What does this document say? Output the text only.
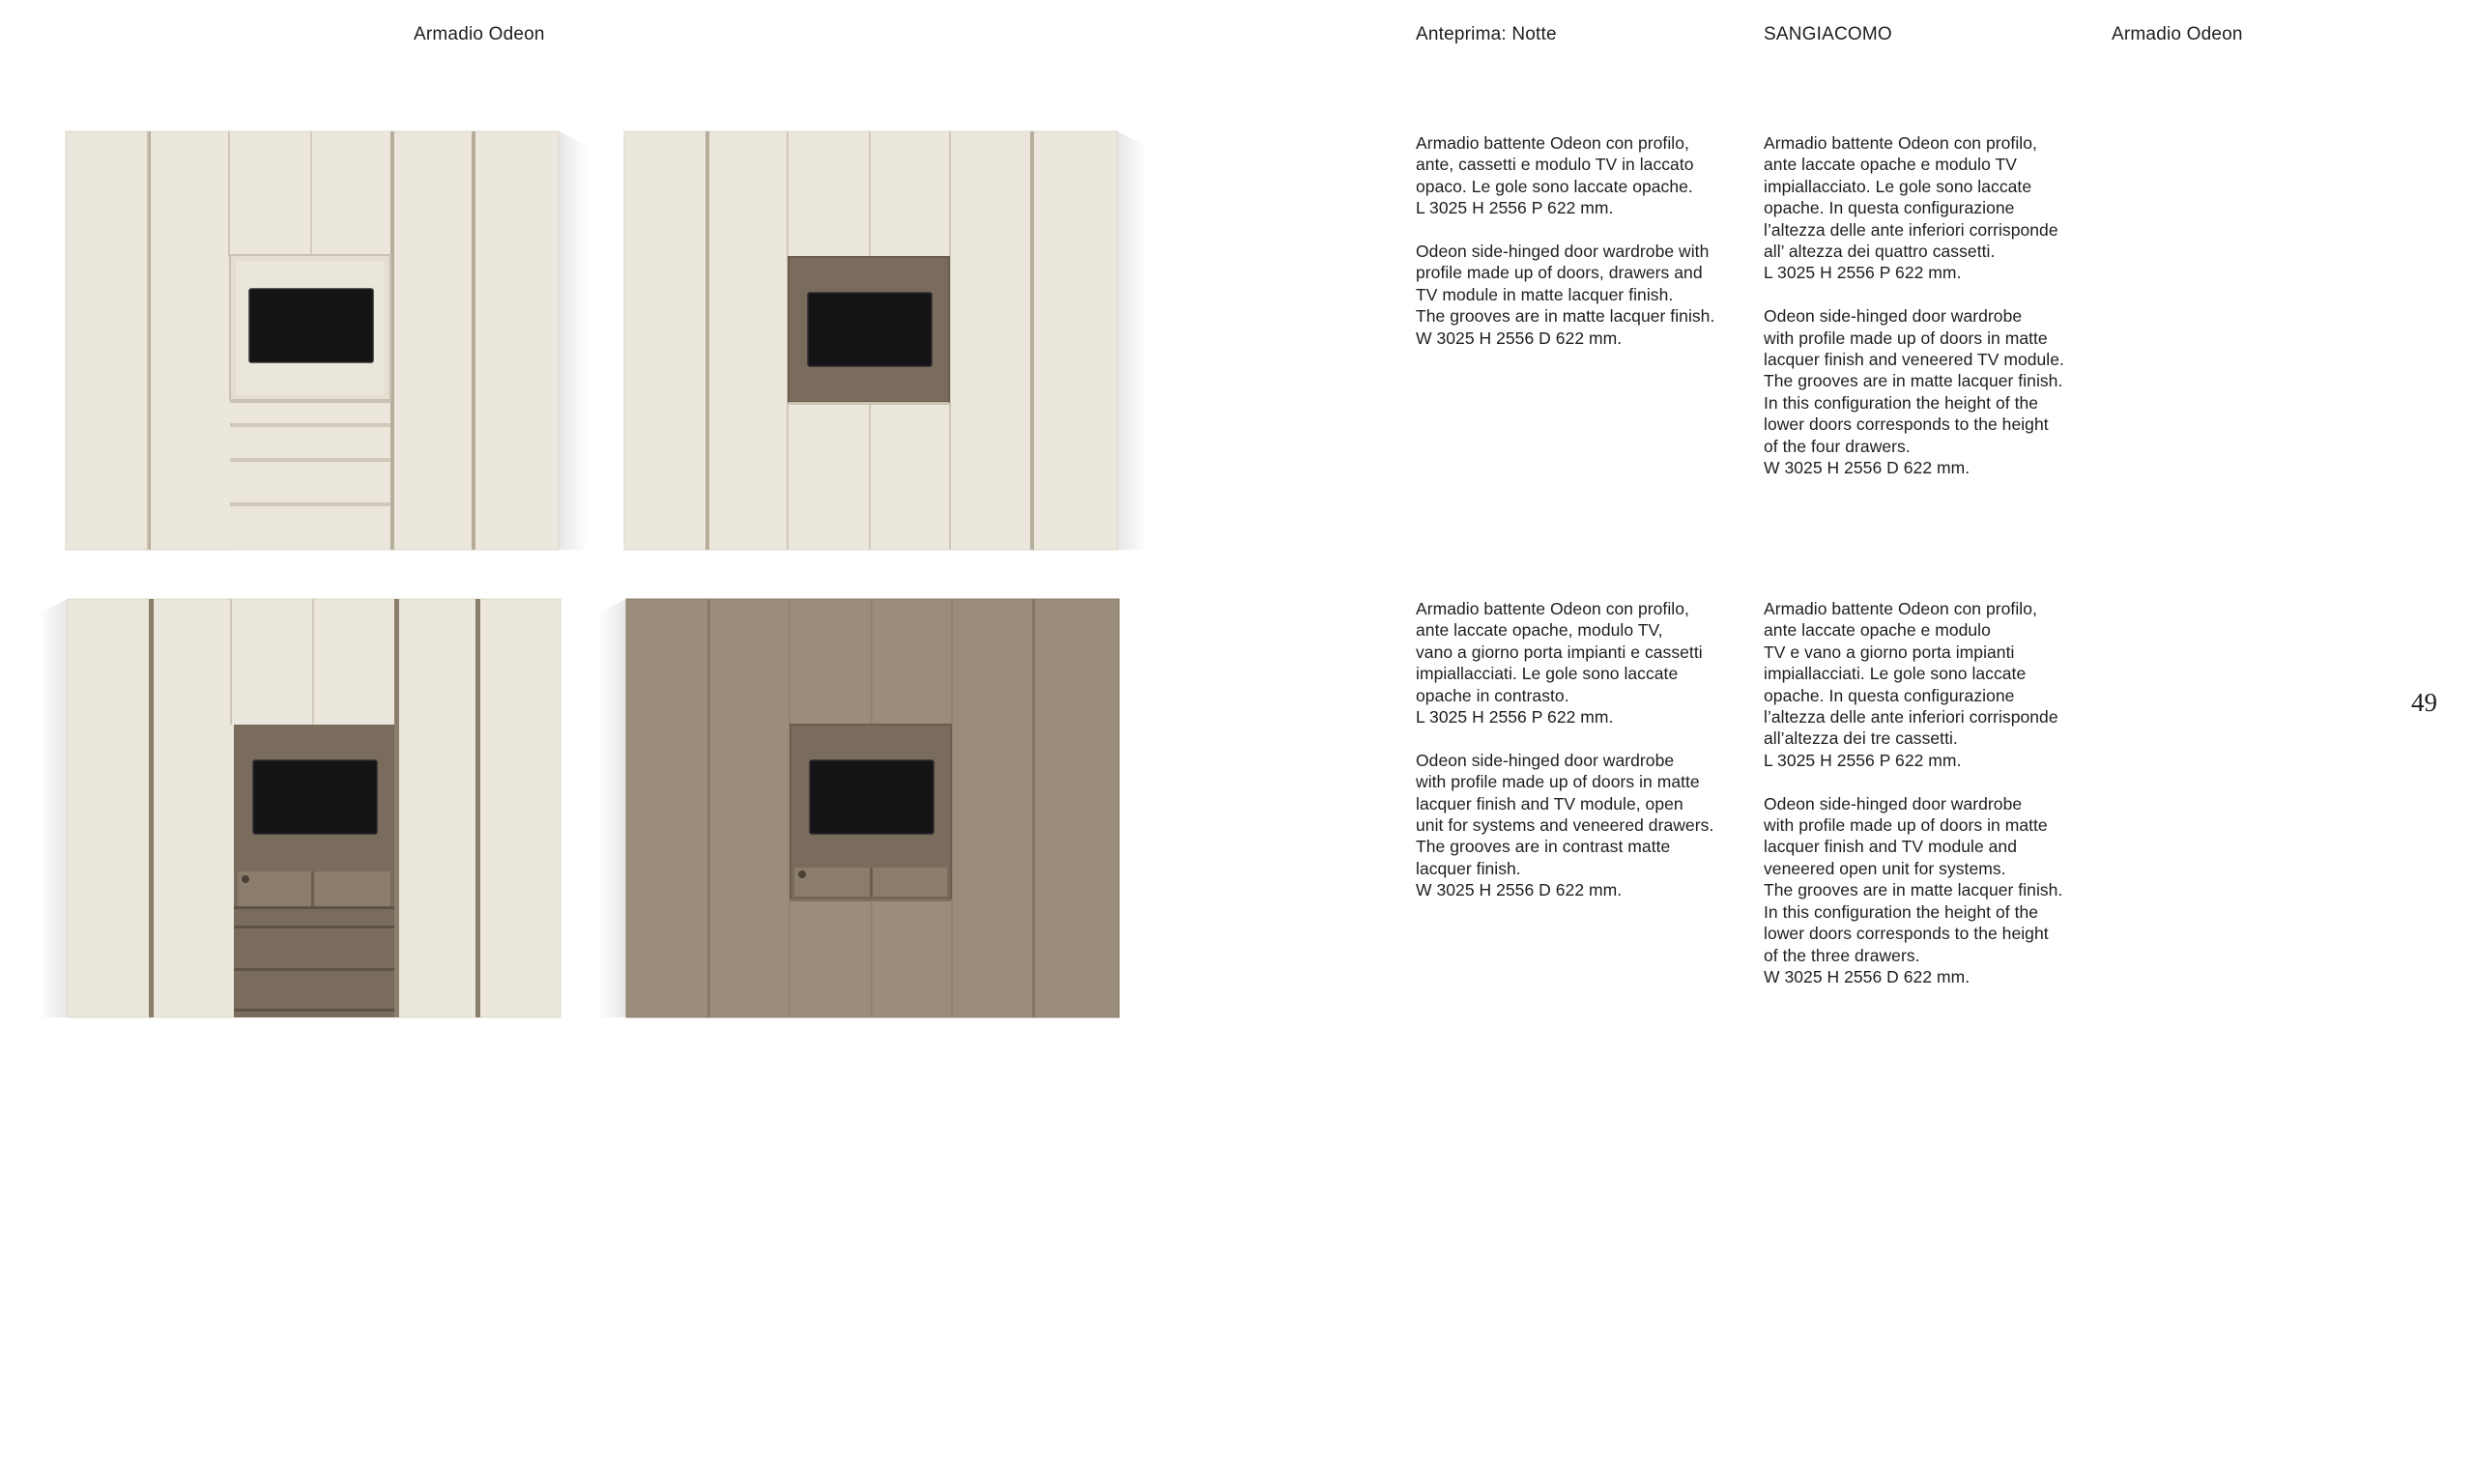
Armadio Odeon	Anteprima: Notte	SANGIACOMO	Armadio Odeon
Armadio battente Odeon con profilo,
ante, cassetti e modulo TV in laccato
opaco. Le gole sono laccate opache.
L 3025 H 2556 P 622 mm.

Odeon side-hinged door wardrobe with
profile made up of doors, drawers and
TV module in matte lacquer finish.
The grooves are in matte lacquer finish.
W 3025 H 2556 D 622 mm.
Armadio battente Odeon con profilo,
ante laccate opache e modulo TV
impiallacciato. Le gole sono laccate
opache. In questa configurazione
l’altezza delle ante inferiori corrisponde
all’ altezza dei quattro cassetti.
L 3025 H 2556 P 622 mm.

Odeon side-hinged door wardrobe
with profile made up of doors in matte
lacquer finish and veneered TV module.
The grooves are in matte lacquer finish.
In this configuration the height of the
lower doors corresponds to the height
of the four drawers.
W 3025 H 2556 D 622 mm.
Armadio battente Odeon con profilo,
ante laccate opache, modulo TV,
vano a giorno porta impianti e cassetti
impiallacciati. Le gole sono laccate
opache in contrasto.
L 3025 H 2556 P 622 mm.

Odeon side-hinged door wardrobe
with profile made up of doors in matte
lacquer finish and TV module, open
unit for systems and veneered drawers.
The grooves are in contrast matte
lacquer finish.
W 3025 H 2556 D 622 mm.
Armadio battente Odeon con profilo,
ante laccate opache e modulo
TV e vano a giorno porta impianti
impiallacciati. Le gole sono laccate
opache. In questa configurazione
l’altezza delle ante inferiori corrisponde
all’altezza dei tre cassetti.
L 3025 H 2556 P 622 mm.

Odeon side-hinged door wardrobe
with profile made up of doors in matte
lacquer finish and TV module and
veneered open unit for systems.
The grooves are in matte lacquer finish.
In this configuration the height of the
lower doors corresponds to the height
of the three drawers.
W 3025 H 2556 D 622 mm.
49
